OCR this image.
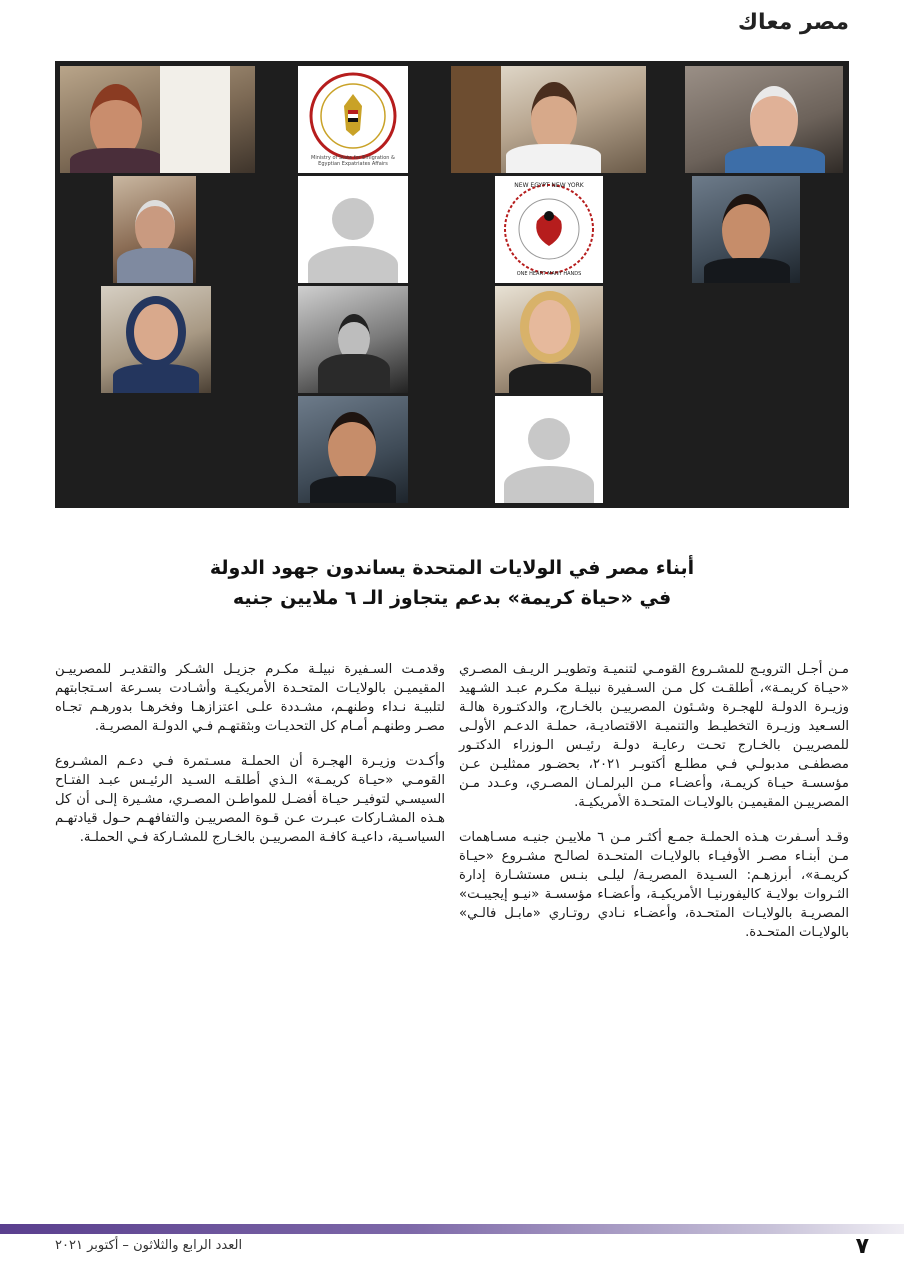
مصر معاك
Ministry of State for Emigration & Egyptian Expatriates Affairs
NEW EGYPT NEW YORK
ONE HEART MANY HANDS
أبناء مصر في الولايات المتحدة يساندون جهود الدولة
في «حياة كريمة» بدعم يتجاوز الـ ٦ ملايين جنيه

مـن أجـل الترويـج للمشـروع القومـي لتنميـة وتطويـر الريـف المصـري «حيـاة كريمـة»، أطلقـت كل مـن السـفيرة نبيلـة مكـرم عبـد الشـهيد وزيـرة الدولـة للهجـرة وشـئون المصرييـن بالخـارج، والدكتـورة هالـة السـعيد وزيـرة التخطيـط والتنميـة الاقتصاديـة، حملـة الدعـم الأولـى للمصرييـن بالخـارج تحـت رعايـة دولـة رئيـس الـوزراء الدكتـور مصطفـى مدبولـي فـي مطلـع أكتوبـر ٢٠٢١، بحضـور ممثليـن عـن مؤسسـة حيـاة كريمـة، وأعضـاء مـن البرلمـان المصـري، وعـدد مـن المصرييـن المقيميـن بالولايـات المتحـدة الأمريكيـة.

وقـد أسـفرت هـذه الحملـة جمـع أكثـر مـن ٦ ملاييـن جنيـه مسـاهمات مـن أبنـاء مصـر الأوفيـاء بالولايـات المتحـدة لصالـح مشـروع «حيـاة كريمـة»، أبرزهـم: السـيدة المصريـة/ ليلـى بنـس مستشـارة إدارة الثـروات بولايـة كاليفورنيـا الأمريكيـة، وأعضـاء مؤسسـة «نيـو إيجيبـت» المصريـة بالولايـات المتحـدة، وأعضـاء نـادي روتـاري «مابـل فالـي» بالولايـات المتحـدة.

وقدمـت السـفيرة نبيلـة مكـرم جزيـل الشـكر والتقديـر للمصرييـن المقيميـن بالولايـات المتحـدة الأمريكيـة وأشـادت بسـرعة اسـتجابتهم لتلبيـة نـداء وطنهـم، مشـددة علـى اعتزازهـا وفخرهـا بدورهـم تجـاه مصـر وطنهـم أمـام كل التحديـات وبثقتهـم فـي الدولـة المصريـة.

وأكـدت وزيـرة الهجـرة أن الحملـة مسـتمرة فـي دعـم المشـروع القومـي «حيـاة كريمـة» الـذي أطلقـه السـيد الرئيـس عبـد الفتـاح السيسـي لتوفيـر حيـاة أفضـل للمواطـن المصـري، مشـيرة إلـى أن كل هـذه المشـاركات عبـرت عـن قـوة المصرييـن والتفافهـم حـول قيادتهـم السياسـية، داعيـة كافـة المصرييـن بالخـارج للمشـاركة فـي الحملـة.

العدد الرابع والثلاثون – أكتوبر ٢٠٢١	٧
